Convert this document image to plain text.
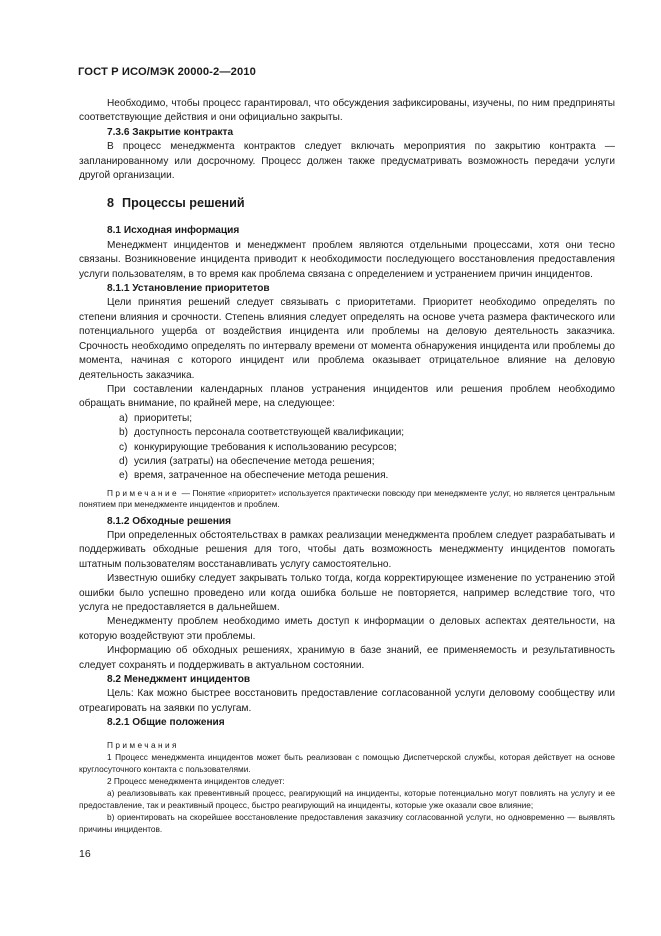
ГОСТ Р ИСО/МЭК 20000-2—2010
Необходимо, чтобы процесс гарантировал, что обсуждения зафиксированы, изучены, по ним предприняты соответствующие действия и они официально закрыты.
7.3.6 Закрытие контракта
В процесс менеджмента контрактов следует включать мероприятия по закрытию контракта — запланированному или досрочному. Процесс должен также предусматривать возможность передачи услуги другой организации.
8 Процессы решений
8.1 Исходная информация
Менеджмент инцидентов и менеджмент проблем являются отдельными процессами, хотя они тесно связаны. Возникновение инцидента приводит к необходимости последующего восстановления предоставления услуги пользователям, в то время как проблема связана с определением и устранением причин инцидентов.
8.1.1 Установление приоритетов
Цели принятия решений следует связывать с приоритетами. Приоритет необходимо определять по степени влияния и срочности. Степень влияния следует определять на основе учета размера фактического или потенциального ущерба от воздействия инцидента или проблемы на деловую деятельность заказчика. Срочность необходимо определять по интервалу времени от момента обнаружения инцидента или проблемы до момента, начиная с которого инцидент или проблема оказывает отрицательное влияние на деловую деятельность заказчика.
При составлении календарных планов устранения инцидентов или решения проблем необходимо обращать внимание, по крайней мере, на следующее:
a) приоритеты;
b) доступность персонала соответствующей квалификации;
c) конкурирующие требования к использованию ресурсов;
d) усилия (затраты) на обеспечение метода решения;
e) время, затраченное на обеспечение метода решения.
Примечание — Понятие «приоритет» используется практически повсюду при менеджменте услуг, но является центральным понятием при менеджменте инцидентов и проблем.
8.1.2 Обходные решения
При определенных обстоятельствах в рамках реализации менеджмента проблем следует разрабатывать и поддерживать обходные решения для того, чтобы дать возможность менеджменту инцидентов помогать штатным пользователям восстанавливать услугу самостоятельно.
Известную ошибку следует закрывать только тогда, когда корректирующее изменение по устранению этой ошибки было успешно проведено или когда ошибка больше не повторяется, например вследствие того, что услуга не предоставляется в дальнейшем.
Менеджменту проблем необходимо иметь доступ к информации о деловых аспектах деятельности, на которую воздействуют эти проблемы.
Информацию об обходных решениях, хранимую в базе знаний, ее применяемость и результативность следует сохранять и поддерживать в актуальном состоянии.
8.2 Менеджмент инцидентов
Цель: Как можно быстрее восстановить предоставление согласованной услуги деловому сообществу или отреагировать на заявки по услугам.
8.2.1 Общие положения
Примечания
1 Процесс менеджмента инцидентов может быть реализован с помощью Диспетчерской службы, которая действует на основе круглосуточного контакта с пользователями.
2 Процесс менеджмента инцидентов следует:
а) реализовывать как превентивный процесс, реагирующий на инциденты, которые потенциально могут повлиять на услугу и ее предоставление, так и реактивный процесс, быстро реагирующий на инциденты, которые уже оказали свое влияние;
b) ориентировать на скорейшее восстановление предоставления заказчику согласованной услуги, но одновременно — выявлять причины инцидентов.
16
